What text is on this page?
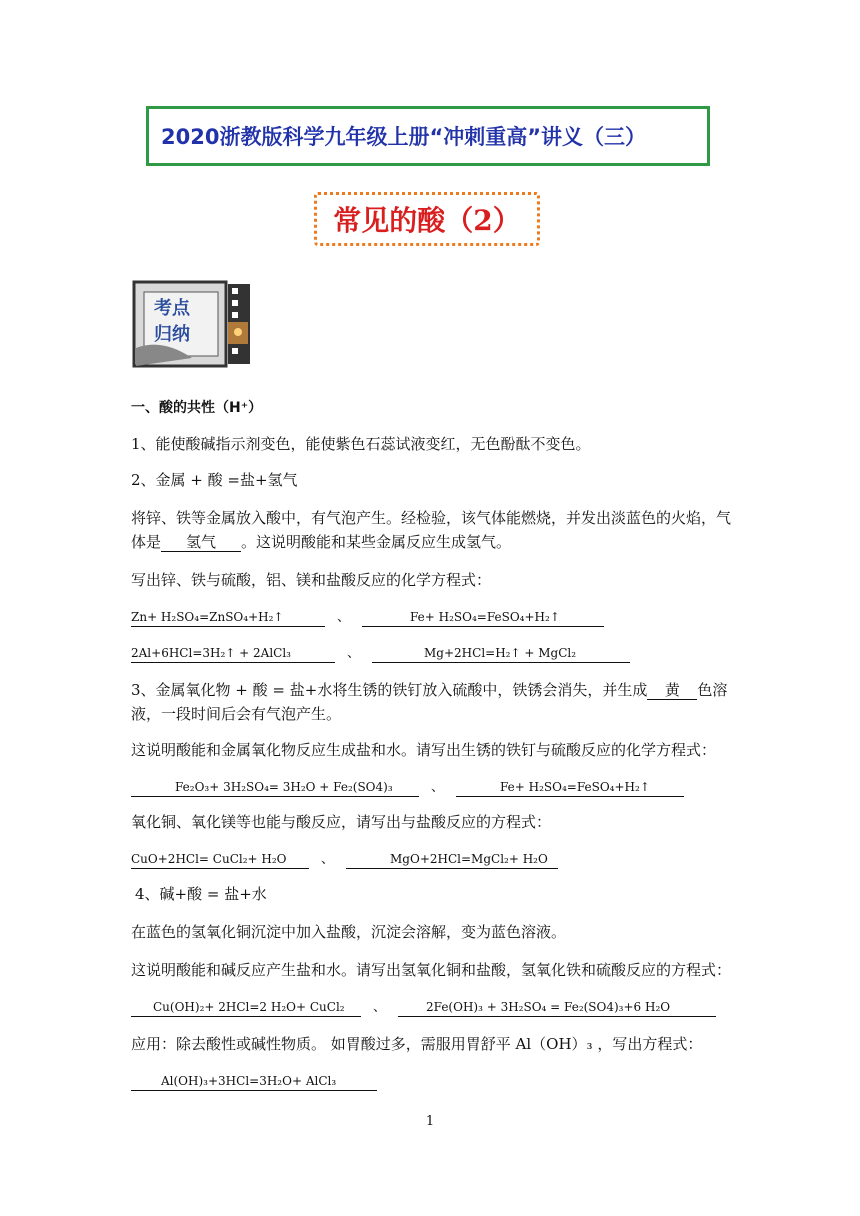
2020浙教版科学九年级上册“冲刺重高”讲义（三）
常见的酸（2）
考点
归纳
一、酸的共性（H⁺）
1、能使酸碱指示剂变色，能使紫色石蕊试液变红，无色酚酞不变色。
2、金属 + 酸 =盐+氢气
将锌、铁等金属放入酸中，有气泡产生。经检验，该气体能燃烧，并发出淡蓝色的火焰，气
体是 氢气 。这说明酸能和某些金属反应生成氢气。
写出锌、铁与硫酸，铝、镁和盐酸反应的化学方程式：
Zn+ H₂SO₄=ZnSO₄+H₂↑	、	Fe+ H₂SO₄=FeSO₄+H₂↑
2Al+6HCl=3H₂↑ + 2AlCl₃	、	Mg+2HCl=H₂↑ + MgCl₂
3、金属氧化物 + 酸 = 盐+水将生锈的铁钉放入硫酸中，铁锈会消失，并生成 黄 色溶
液，一段时间后会有气泡产生。
这说明酸能和金属氧化物反应生成盐和水。请写出生锈的铁钉与硫酸反应的化学方程式：
Fe₂O₃+ 3H₂SO₄= 3H₂O + Fe₂(SO4)₃	、	Fe+ H₂SO₄=FeSO₄+H₂↑
氧化铜、氧化镁等也能与酸反应，请写出与盐酸反应的方程式：
CuO+2HCl= CuCl₂+ H₂O	、	MgO+2HCl=MgCl₂+ H₂O
4、碱+酸 = 盐+水
在蓝色的氢氧化铜沉淀中加入盐酸，沉淀会溶解，变为蓝色溶液。
这说明酸能和碱反应产生盐和水。请写出氢氧化铜和盐酸，氢氧化铁和硫酸反应的方程式：
Cu(OH)₂+ 2HCl=2 H₂O+ CuCl₂ 、	2Fe(OH)₃ + 3H₂SO₄ = Fe₂(SO4)₃+6 H₂O
应用：除去酸性或碱性物质。 如胃酸过多，需服用胃舒平 Al（OH）₃ ，写出方程式：
Al(OH)₃+3HCl=3H₂O+ AlCl₃
1
